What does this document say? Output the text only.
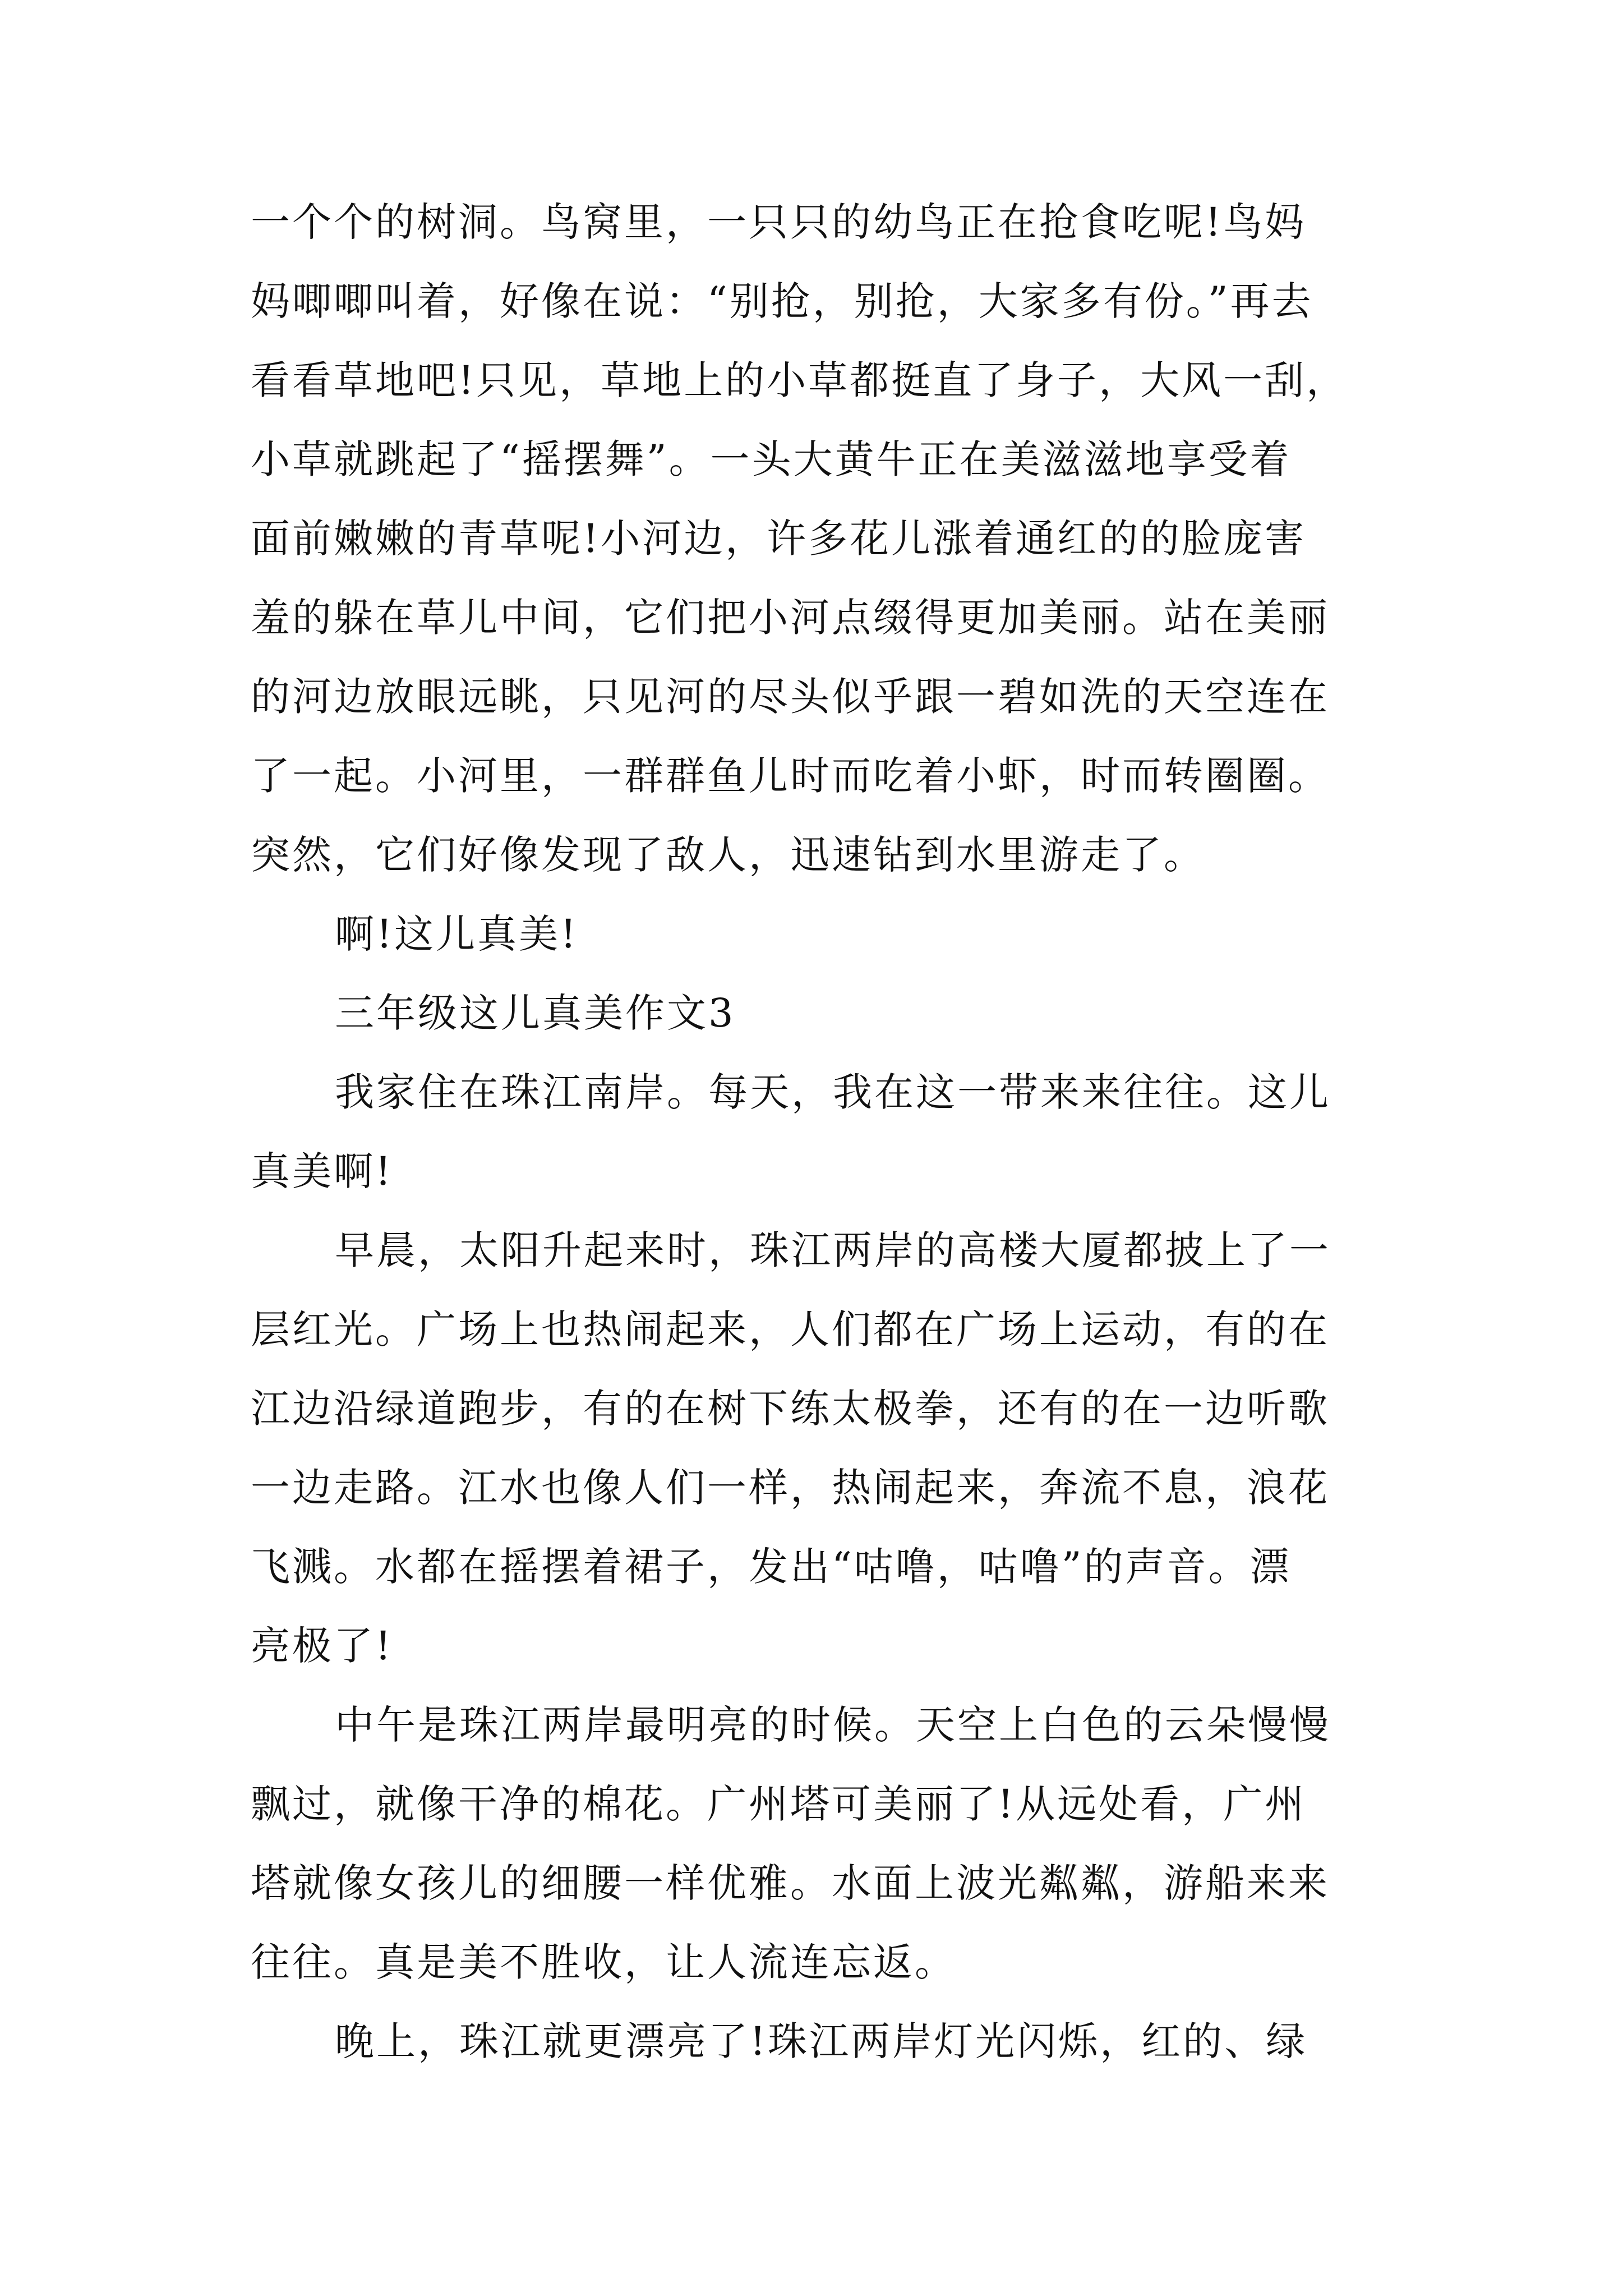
一个个的树洞。鸟窝里，一只只的幼鸟正在抢食吃呢!鸟妈
妈唧唧叫着，好像在说：“别抢，别抢，大家多有份。”再去
看看草地吧!只见，草地上的小草都挺直了身子，大风一刮，
小草就跳起了“摇摆舞”。一头大黄牛正在美滋滋地享受着
面前嫩嫩的青草呢!小河边，许多花儿涨着通红的的脸庞害
羞的躲在草儿中间，它们把小河点缀得更加美丽。站在美丽
的河边放眼远眺，只见河的尽头似乎跟一碧如洗的天空连在
了一起。小河里，一群群鱼儿时而吃着小虾，时而转圈圈。
突然，它们好像发现了敌人，迅速钻到水里游走了。
啊!这儿真美!
三年级这儿真美作文3
我家住在珠江南岸。每天，我在这一带来来往往。这儿
真美啊!
早晨，太阳升起来时，珠江两岸的高楼大厦都披上了一
层红光。广场上也热闹起来，人们都在广场上运动，有的在
江边沿绿道跑步，有的在树下练太极拳，还有的在一边听歌
一边走路。江水也像人们一样，热闹起来，奔流不息，浪花
飞溅。水都在摇摆着裙子，发出“咕噜，咕噜”的声音。漂
亮极了!
中午是珠江两岸最明亮的时候。天空上白色的云朵慢慢
飘过，就像干净的棉花。广州塔可美丽了!从远处看，广州
塔就像女孩儿的细腰一样优雅。水面上波光粼粼，游船来来
往往。真是美不胜收，让人流连忘返。
晚上，珠江就更漂亮了!珠江两岸灯光闪烁，红的、绿
